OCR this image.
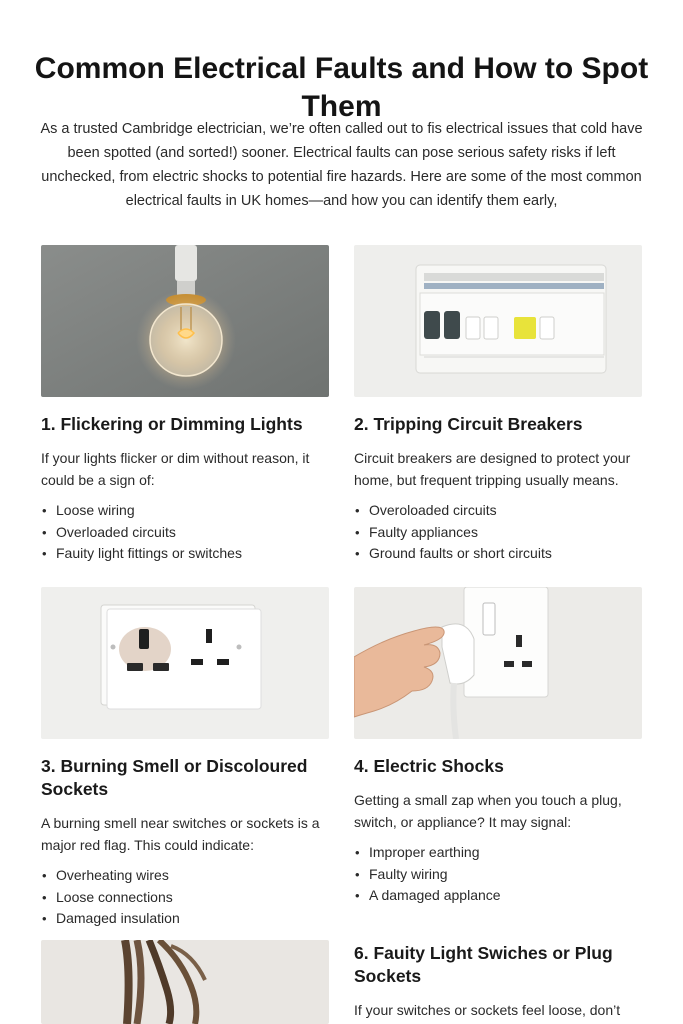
Common Electrical Faults and How to Spot Them
As a trusted Cambridge electrician, we’re often called out to fis electrical issues that cold have been spotted (and sorted!) sooner. Electrical faults can pose serious safety risks if left unchecked, from electric shocks to potential fire hazards. Here are some of the most common electrical faults in UK homes—and how you can identify them early,
1. Flickering or Dimming Lights

If your lights flicker or dim without reason, it could be a sign of:

• Loose wiring
• Overloaded circuits
• Fauity light fittings or switches
2. Tripping Circuit Breakers

Circuit breakers are designed to protect your home, but frequent tripping usually means.

• Overoloaded circuits
• Faulty appliances
• Ground faults or short circuits
3. Burning Smell or Discoloured Sockets

A burning smell near switches or sockets is a major red flag. This could indicate:

• Overheating wires
• Loose connections
• Damaged insulation
4. Electric Shocks

Getting a small zap when you touch a plug, switch, or appliance? It may signal:

• Improper earthing
• Faulty wiring
• A damaged applance
6. Fauity Light Swiches or Plug Sockets

If your switches or sockets feel loose, don’t
